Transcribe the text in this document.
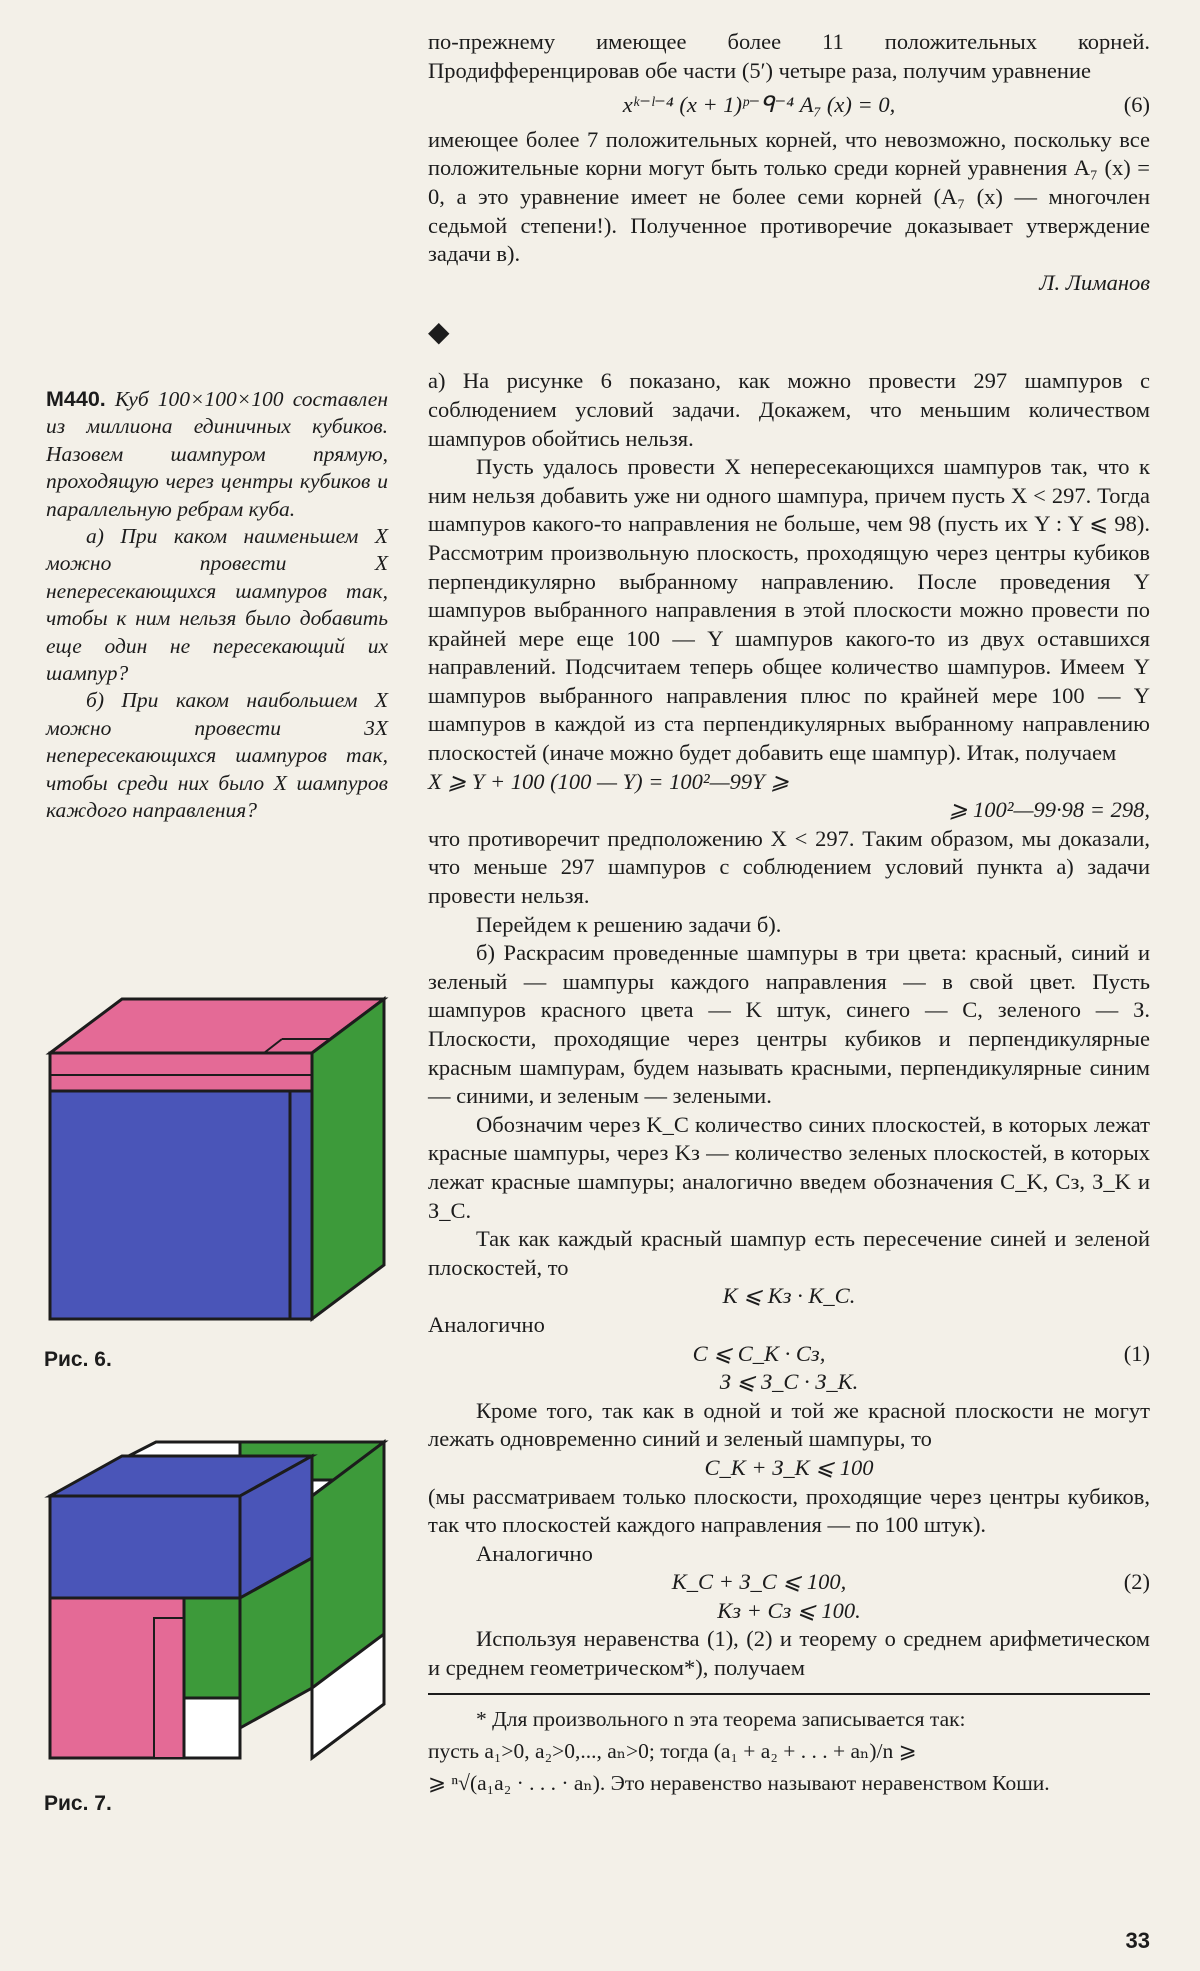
по-прежнему имеющее более 11 положительных корней. Продифференцировав обе части (5′) четыре раза, получим уравнение

xᵏ⁻ˡ⁻⁴ (x + 1)ᵖ⁻ᑫ⁻⁴ A₇ (x) = 0,	(6)

имеющее более 7 положительных корней, что невозможно, поскольку все положительные корни могут быть только среди корней уравнения A₇ (x) = 0, а это уравнение имеет не более семи корней (A₇ (x) — многочлен седьмой степени!). Полученное противоречие доказывает утверждение задачи в).

Л. Лиманов

◆

а) На рисунке 6 показано, как можно провести 297 шампуров с соблюдением условий задачи. Докажем, что меньшим количеством шампуров обойтись нельзя.

Пусть удалось провести X непересекающихся шампуров так, что к ним нельзя добавить уже ни одного шампура, причем пусть X < 297. Тогда шампуров какого-то направления не больше, чем 98 (пусть их Y : Y ⩽ 98). Рассмотрим произвольную плоскость, проходящую через центры кубиков перпендикулярно выбранному направлению. После проведения Y шампуров выбранного направления в этой плоскости можно провести по крайней мере еще 100 — Y шампуров какого-то из двух оставшихся направлений. Подсчитаем теперь общее количество шампуров. Имеем Y шампуров выбранного направления плюс по крайней мере 100 — Y шампуров в каждой из ста перпендикулярных выбранному направлению плоскостей (иначе можно будет добавить еще шампур). Итак, получаем

X ⩾ Y + 100 (100 — Y) = 100²—99Y ⩾

⩾ 100²—99·98 = 298,

что противоречит предположению X < 297. Таким образом, мы доказали, что меньше 297 шампуров с соблюдением условий пункта а) задачи провести нельзя.

Перейдем к решению задачи б).

б) Раскрасим проведенные шампуры в три цвета: красный, синий и зеленый — шампуры каждого направления — в свой цвет. Пусть шампуров красного цвета — K штук, синего — C, зеленого — З. Плоскости, проходящие через центры кубиков и перпендикулярные красным шампурам, будем называть красными, перпендикулярные синим — синими, и зеленым — зелеными.

Обозначим через K_C количество синих плоскостей, в которых лежат красные шампуры, через Kз — количество зеленых плоскостей, в которых лежат красные шампуры; аналогично введем обозначения C_K, Cз, З_K и З_C.

Так как каждый красный шампур есть пересечение синей и зеленой плоскостей, то

K ⩽ Kз · K_C.

Аналогично

C ⩽ C_K · Cз,	(1)

З ⩽ З_C · З_K.

Кроме того, так как в одной и той же красной плоскости не могут лежать одновременно синий и зеленый шампуры, то

C_K + З_K ⩽ 100

(мы рассматриваем только плоскости, проходящие через центры кубиков, так что плоскостей каждого направления — по 100 штук).

Аналогично

K_C + З_C ⩽ 100,	(2)

Kз + Cз ⩽ 100.

Используя неравенства (1), (2) и теорему о среднем арифметическом и среднем геометрическом*), получаем

* Для произвольного n эта теорема записывается так:

пусть a₁>0, a₂>0,..., aₙ>0; тогда (a₁ + a₂ + . . . + aₙ)/n ⩾

⩾ ⁿ√(a₁a₂ · . . . · aₙ). Это неравенство называют неравенством Коши.

М440. Куб 100×100×100 составлен из миллиона единичных кубиков. Назовем шампуром прямую, проходящую через центры кубиков и параллельную ребрам куба.

а) При каком наименьшем X можно провести X непересекающихся шампуров так, чтобы к ним нельзя было добавить еще один не пересекающий их шампур?

б) При каком наибольшем X можно провести 3X непересекающихся шампуров так, чтобы среди них было X шампуров каждого направления?

Рис. 6.
Рис. 7.
33
